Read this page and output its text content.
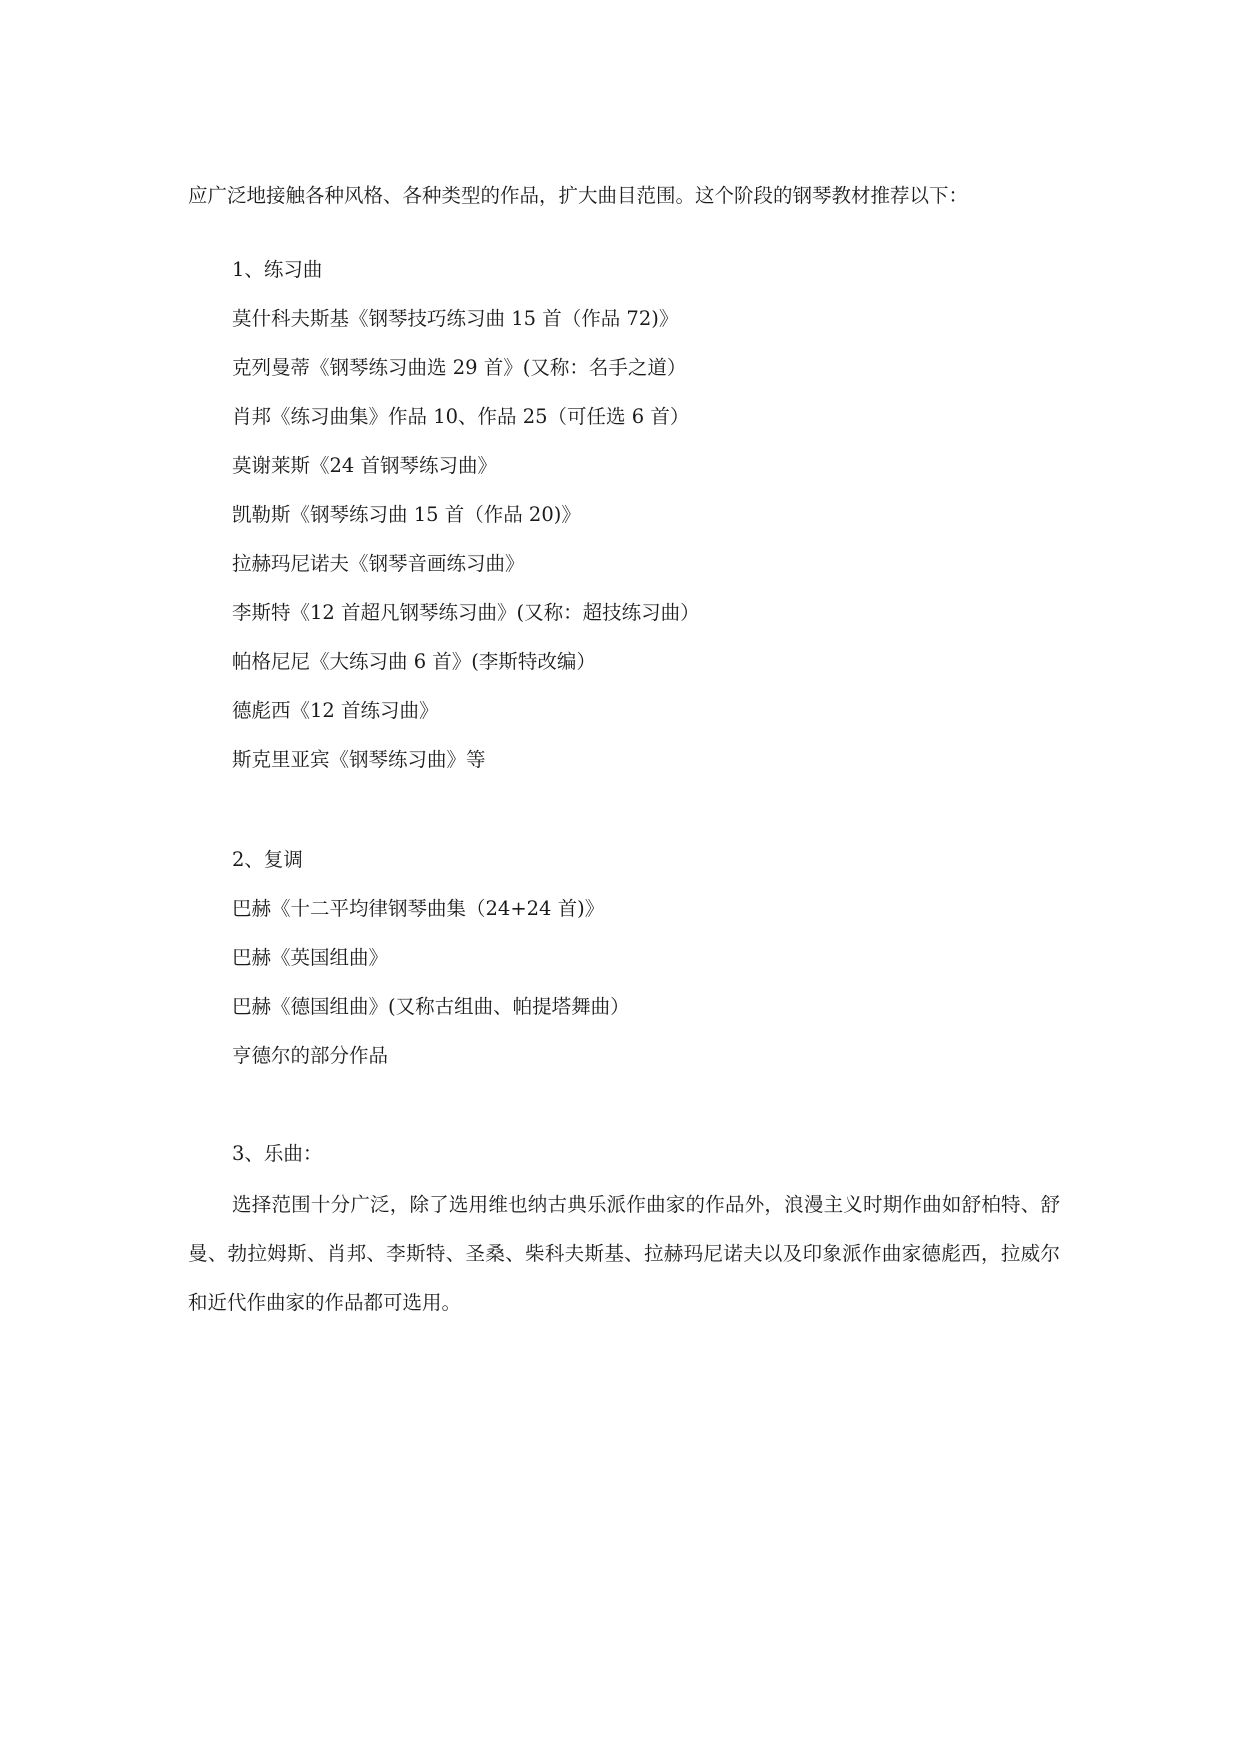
应广泛地接触各种风格、各种类型的作品，扩大曲目范围。这个阶段的钢琴教材推荐以下：

1、练习曲

莫什科夫斯基《钢琴技巧练习曲 15 首（作品 72)》
克列曼蒂《钢琴练习曲选 29 首》(又称：名手之道）
肖邦《练习曲集》作品 10、作品 25（可任选 6 首）
莫谢莱斯《24 首钢琴练习曲》
凯勒斯《钢琴练习曲 15 首（作品 20)》
拉赫玛尼诺夫《钢琴音画练习曲》
李斯特《12 首超凡钢琴练习曲》(又称：超技练习曲）
帕格尼尼《大练习曲 6 首》(李斯特改编）
德彪西《12 首练习曲》
斯克里亚宾《钢琴练习曲》等

2、复调

巴赫《十二平均律钢琴曲集（24+24 首)》
巴赫《英国组曲》
巴赫《德国组曲》(又称古组曲、帕提塔舞曲）
亨德尔的部分作品

3、乐曲：

选择范围十分广泛，除了选用维也纳古典乐派作曲家的作品外，浪漫主义时期作曲如舒柏特、舒曼、勃拉姆斯、肖邦、李斯特、圣桑、柴科夫斯基、拉赫玛尼诺夫以及印象派作曲家德彪西，拉威尔和近代作曲家的作品都可选用。
